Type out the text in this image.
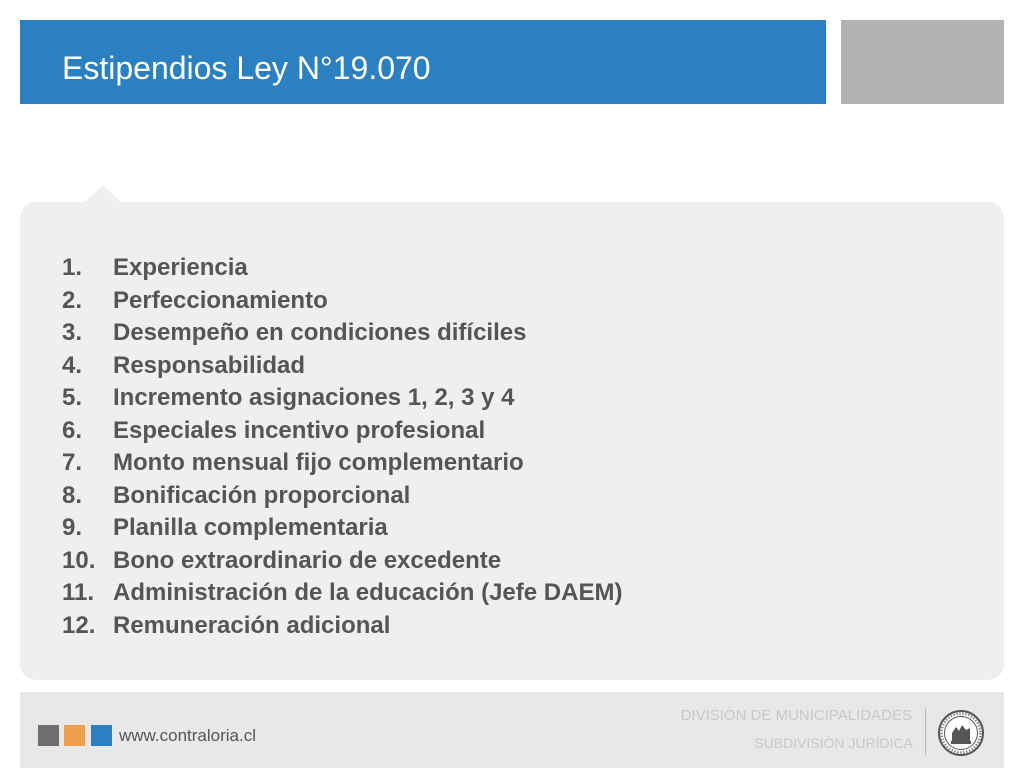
Estipendios Ley N°19.070
1. Experiencia
2. Perfeccionamiento
3. Desempeño en condiciones difíciles
4. Responsabilidad
5. Incremento asignaciones 1, 2, 3 y 4
6. Especiales incentivo profesional
7. Monto mensual fijo complementario
8. Bonificación proporcional
9. Planilla complementaria
10. Bono extraordinario de excedente
11. Administración de la educación (Jefe DAEM)
12. Remuneración adicional
www.contraloria.cl
DIVISIÓN DE MUNICIPALIDADES
SUBDIVISIÓN JURÍDICA
